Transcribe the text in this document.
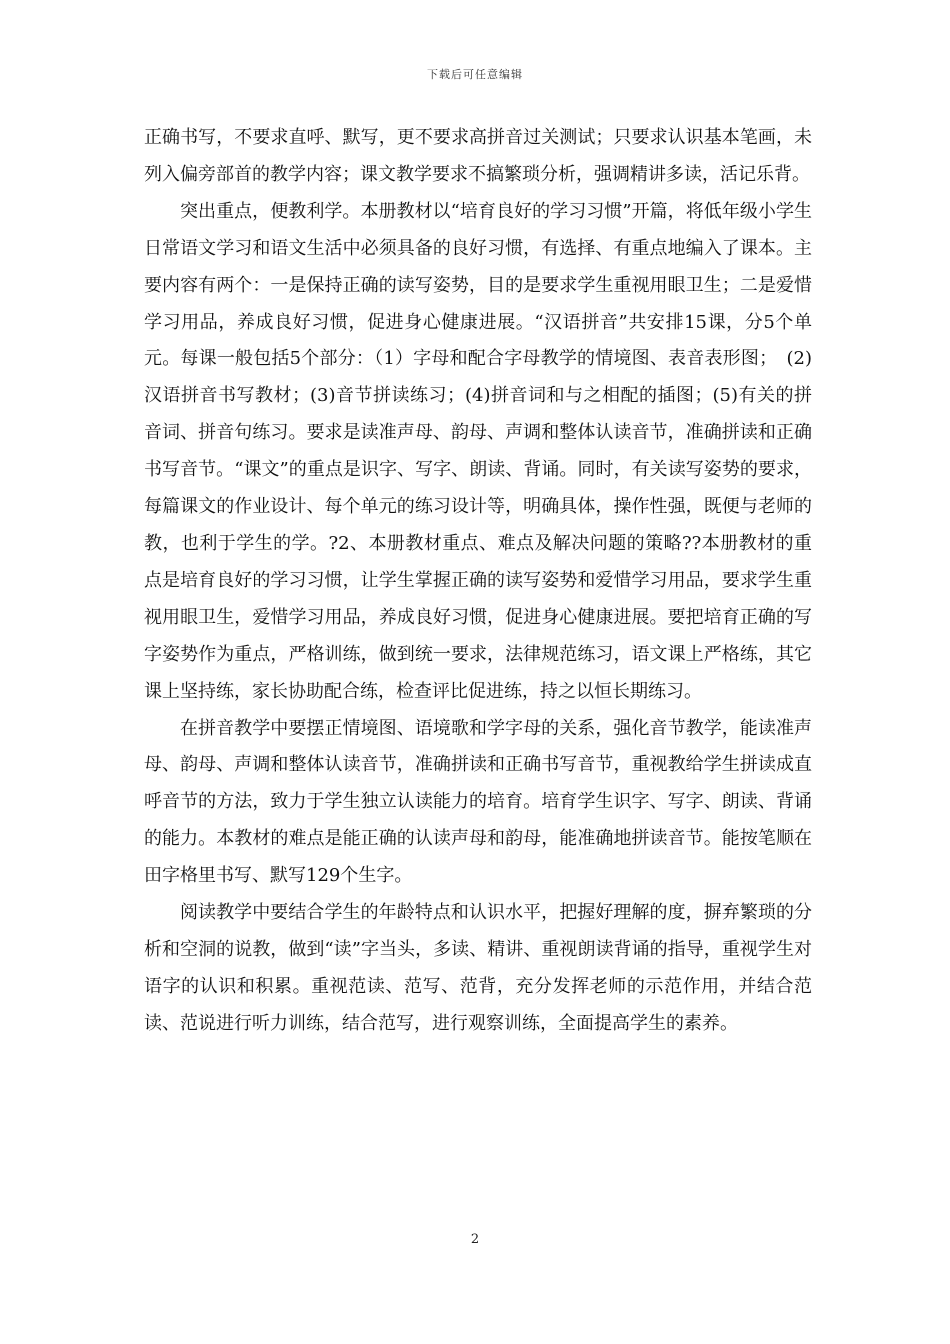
下载后可任意编辑

正确书写，不要求直呼、默写，更不要求高拼音过关测试；只要求认识基本笔画，未列入偏旁部首的教学内容；课文教学要求不搞繁琐分析，强调精讲多读，活记乐背。

突出重点，便教利学。本册教材以“培育良好的学习习惯”开篇，将低年级小学生日常语文学习和语文生活中必须具备的良好习惯，有选择、有重点地编入了课本。主要内容有两个：一是保持正确的读写姿势，目的是要求学生重视用眼卫生；二是爱惜学习用品，养成良好习惯，促进身心健康进展。“汉语拼音”共安排15课，分5个单元。每课一般包括5个部分：（1）字母和配合字母教学的情境图、表音表形图；　(2)汉语拼音书写教材；(3)音节拼读练习；(4)拼音词和与之相配的插图；(5)有关的拼音词、拼音句练习。要求是读准声母、韵母、声调和整体认读音节，准确拼读和正确书写音节。“课文”的重点是识字、写字、朗读、背诵。同时，有关读写姿势的要求，每篇课文的作业设计、每个单元的练习设计等，明确具体，操作性强，既便与老师的教，也利于学生的学。?2、本册教材重点、难点及解决问题的策略??本册教材的重点是培育良好的学习习惯，让学生掌握正确的读写姿势和爱惜学习用品，要求学生重视用眼卫生，爱惜学习用品，养成良好习惯，促进身心健康进展。要把培育正确的写字姿势作为重点，严格训练，做到统一要求，法律规范练习，语文课上严格练，其它课上坚持练，家长协助配合练，检查评比促进练，持之以恒长期练习。

在拼音教学中要摆正情境图、语境歌和学字母的关系，强化音节教学，能读准声母、韵母、声调和整体认读音节，准确拼读和正确书写音节，重视教给学生拼读成直呼音节的方法，致力于学生独立认读能力的培育。培育学生识字、写字、朗读、背诵的能力。本教材的难点是能正确的认读声母和韵母，能准确地拼读音节。能按笔顺在田字格里书写、默写129个生字。

阅读教学中要结合学生的年龄特点和认识水平，把握好理解的度，摒弃繁琐的分析和空洞的说教，做到“读”字当头，多读、精讲、重视朗读背诵的指导，重视学生对语字的认识和积累。重视范读、范写、范背，充分发挥老师的示范作用，并结合范读、范说进行听力训练，结合范写，进行观察训练，全面提高学生的素养。

2
